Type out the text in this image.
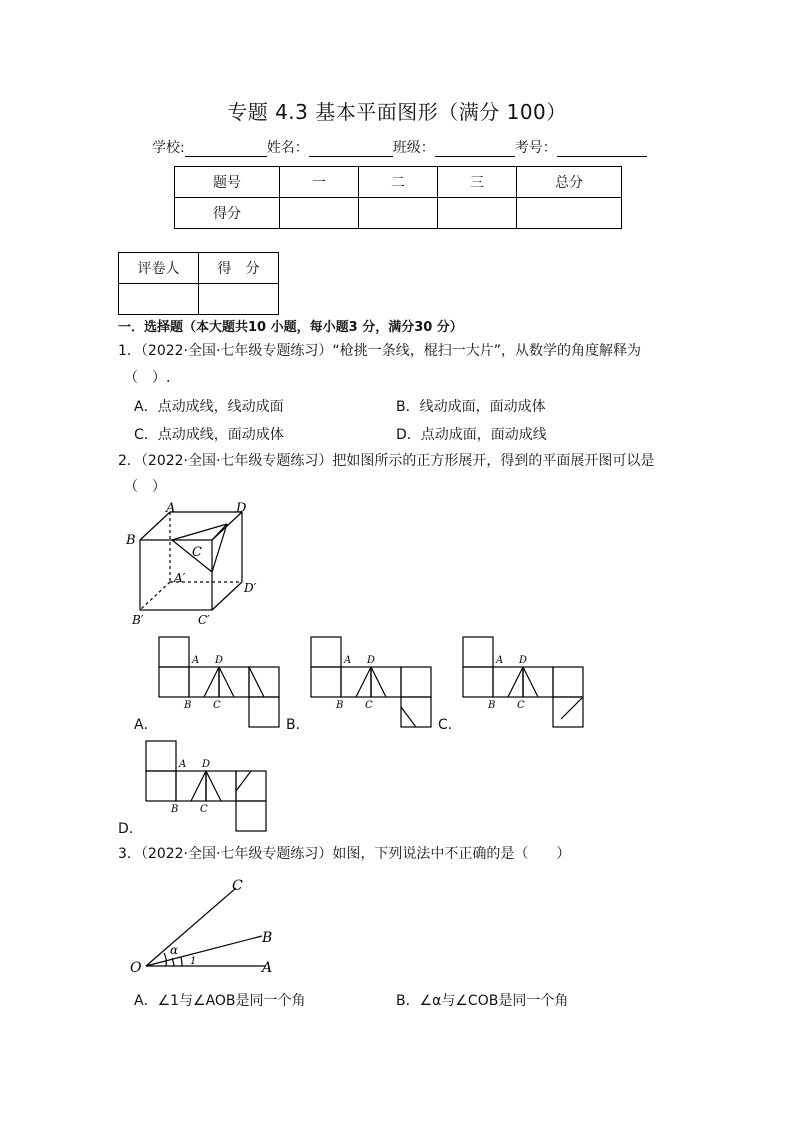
专题 4.3 基本平面图形（满分 100）
学校:	姓名：	班级：	考号：
题号	一	二	三	总分
得分				
评卷人	得　分

一．选择题（本大题共10 小题，每小题3 分，满分30 分）
1．（2022·全国·七年级专题练习）“枪挑一条线，棍扫一大片”，从数学的角度解释为
（　）.
A．点动成线，线动成面	B．线动成面，面动成体
C．点动成线，面动成体	D．点动成面，面动成线
2．（2022·全国·七年级专题练习）把如图所示的正方形展开，得到的平面展开图可以是
（　）
A	D
B
C
A′
D′
B′	C′
A D
B C
A．
A D
B C
B．
A D
B C
C．
A D
B C
D．
3．（2022·全国·七年级专题练习）如图，下列说法中不正确的是（　　）
C
B
A
O
α
1
A．∠1与∠AOB是同一个角	B．∠α与∠COB是同一个角
